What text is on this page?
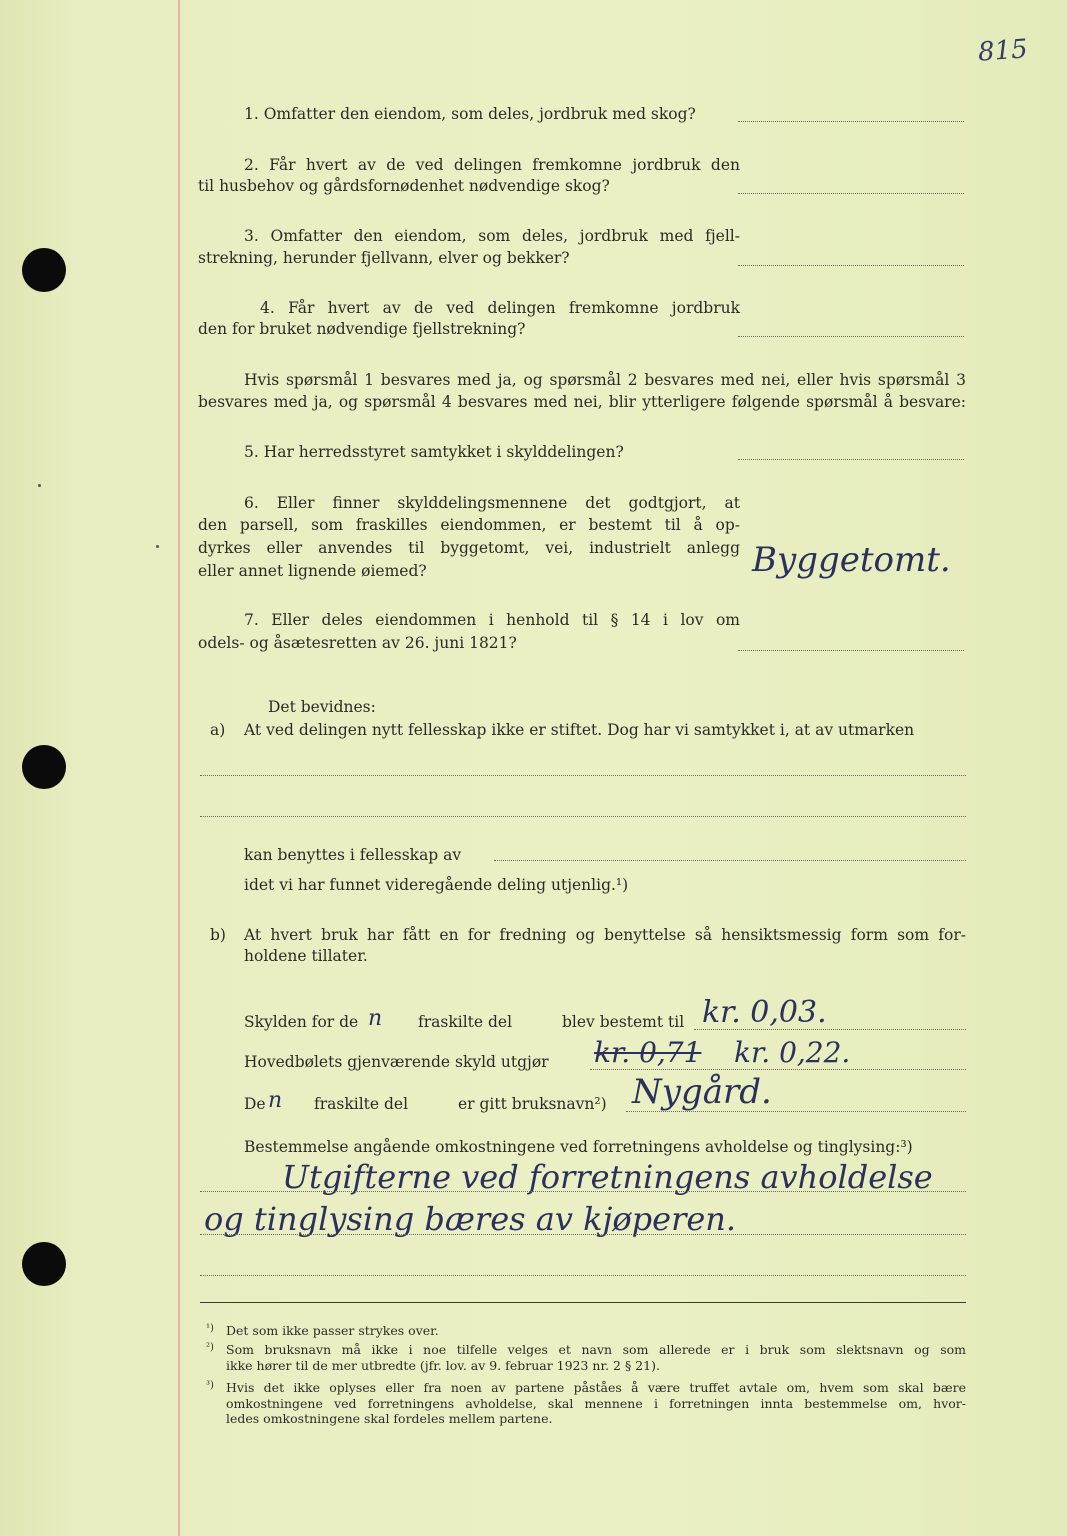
815
1. Omfatter den eiendom, som deles, jordbruk med skog?
2. Får hvert av de ved delingen fremkomne jordbruk den
til husbehov og gårdsfornødenhet nødvendige skog?
3. Omfatter den eiendom, som deles, jordbruk med fjell-
strekning, herunder fjellvann, elver og bekker?
4. Får hvert av de ved delingen fremkomne jordbruk
den for bruket nødvendige fjellstrekning?
Hvis spørsmål 1 besvares med ja, og spørsmål 2 besvares med nei, eller hvis spørsmål 3
besvares med ja, og spørsmål 4 besvares med nei, blir ytterligere følgende spørsmål å besvare:
5. Har herredsstyret samtykket i skylddelingen?
6. Eller finner skylddelingsmennene det godtgjort, at
den parsell, som fraskilles eiendommen, er bestemt til å op-
dyrkes eller anvendes til byggetomt, vei, industrielt anlegg
eller annet lignende øiemed?	Byggetomt.
7. Eller deles eiendommen i henhold til § 14 i lov om
odels- og åsætesretten av 26. juni 1821?
Det bevidnes:
a) At ved delingen nytt fellesskap ikke er stiftet. Dog har vi samtykket i, at av utmarken
kan benyttes i fellesskap av
idet vi har funnet videregående deling utjenlig.¹)
b) At hvert bruk har fått en for fredning og benyttelse så hensiktsmessig form som for-
holdene tillater.
Skylden for de n fraskilte del	blev bestemt til kr. 0,03.
Hovedbølets gjenværende skyld utgjør kr. 0,71 kr. 0,22.
De n fraskilte del	er gitt bruksnavn²) Nygård.
Bestemmelse angående omkostningene ved forretningens avholdelse og tinglysing:³)
Utgifterne ved forretningens avholdelse
og tinglysing bæres av kjøperen.
¹) Det som ikke passer strykes over.
²) Som bruksnavn må ikke i noe tilfelle velges et navn som allerede er i bruk som slektsnavn og som
ikke hører til de mer utbredte (jfr. lov. av 9. februar 1923 nr. 2 § 21).
³) Hvis det ikke oplyses eller fra noen av partene påståes å være truffet avtale om, hvem som skal bære
omkostningene ved forretningens avholdelse, skal mennene i forretningen innta bestemmelse om, hvor-
ledes omkostningene skal fordeles mellem partene.
